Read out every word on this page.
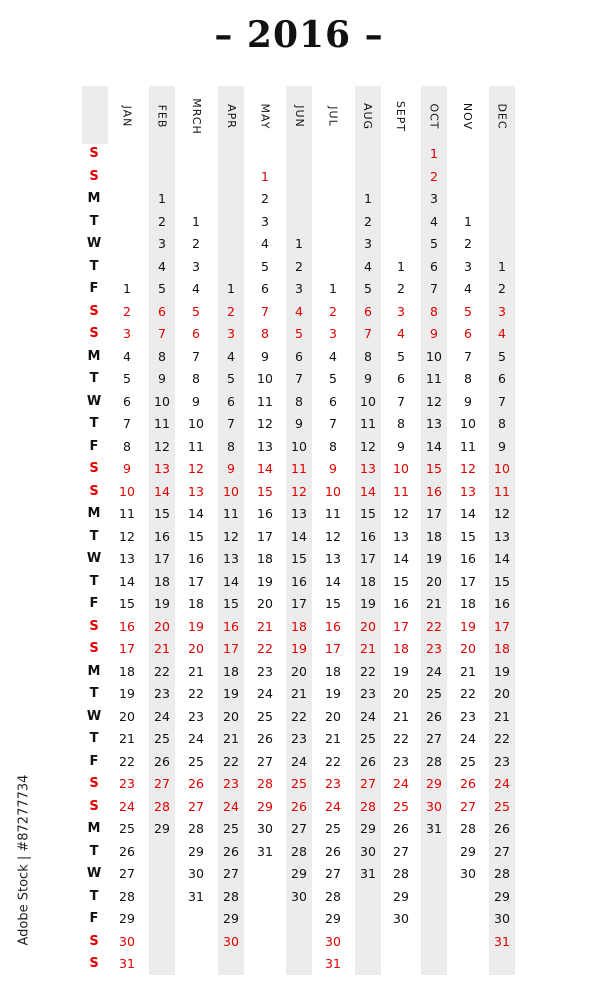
– 2016 –
JAN FEB MRCH APR MAY JUN JUL AUG SEPT OCT NOV DEC
S
S
M
T
W
T
F
S
S
M
T
W
T
F
S
S
M
T
W
T
F
S
S
M
T
W
T
F
S
S
M
T
W
T
F
S
S
1
2
3
4
5
6
7
8
9
10
11
12
13
14
15
16
17
18
19
20
21
22
23
24
25
26
27
28
29
30
31
1
2
3
4
5
6
7
8
9
10
11
12
13
14
15
16
17
18
19
20
21
22
23
24
25
26
27
28
29
1
2
3
4
5
6
7
8
9
10
11
12
13
14
15
16
17
18
19
20
21
22
23
24
25
26
27
28
29
30
31
1
2
3
4
5
6
7
8
9
10
11
12
13
14
15
16
17
18
19
20
21
22
23
24
25
26
27
28
29
30
1
2
3
4
5
6
7
8
9
10
11
12
13
14
15
16
17
18
19
20
21
22
23
24
25
26
27
28
29
30
31
1
2
3
4
5
6
7
8
9
10
11
12
13
14
15
16
17
18
19
20
21
22
23
24
25
26
27
28
29
30
1
2
3
4
5
6
7
8
9
10
11
12
13
14
15
16
17
18
19
20
21
22
23
24
25
26
27
28
29
30
31
1
2
3
4
5
6
7
8
9
10
11
12
13
14
15
16
17
18
19
20
21
22
23
24
25
26
27
28
29
30
31
1
2
3
4
5
6
7
8
9
10
11
12
13
14
15
16
17
18
19
20
21
22
23
24
25
26
27
28
29
30
1
2
3
4
5
6
7
8
9
10
11
12
13
14
15
16
17
18
19
20
21
22
23
24
25
26
27
28
29
30
31
1
2
3
4
5
6
7
8
9
10
11
12
13
14
15
16
17
18
19
20
21
22
23
24
25
26
27
28
29
30
1
2
3
4
5
6
7
8
9
10
11
12
13
14
15
16
17
18
19
20
21
22
23
24
25
26
27
28
29
30
31
Adobe Stock | #87277734
